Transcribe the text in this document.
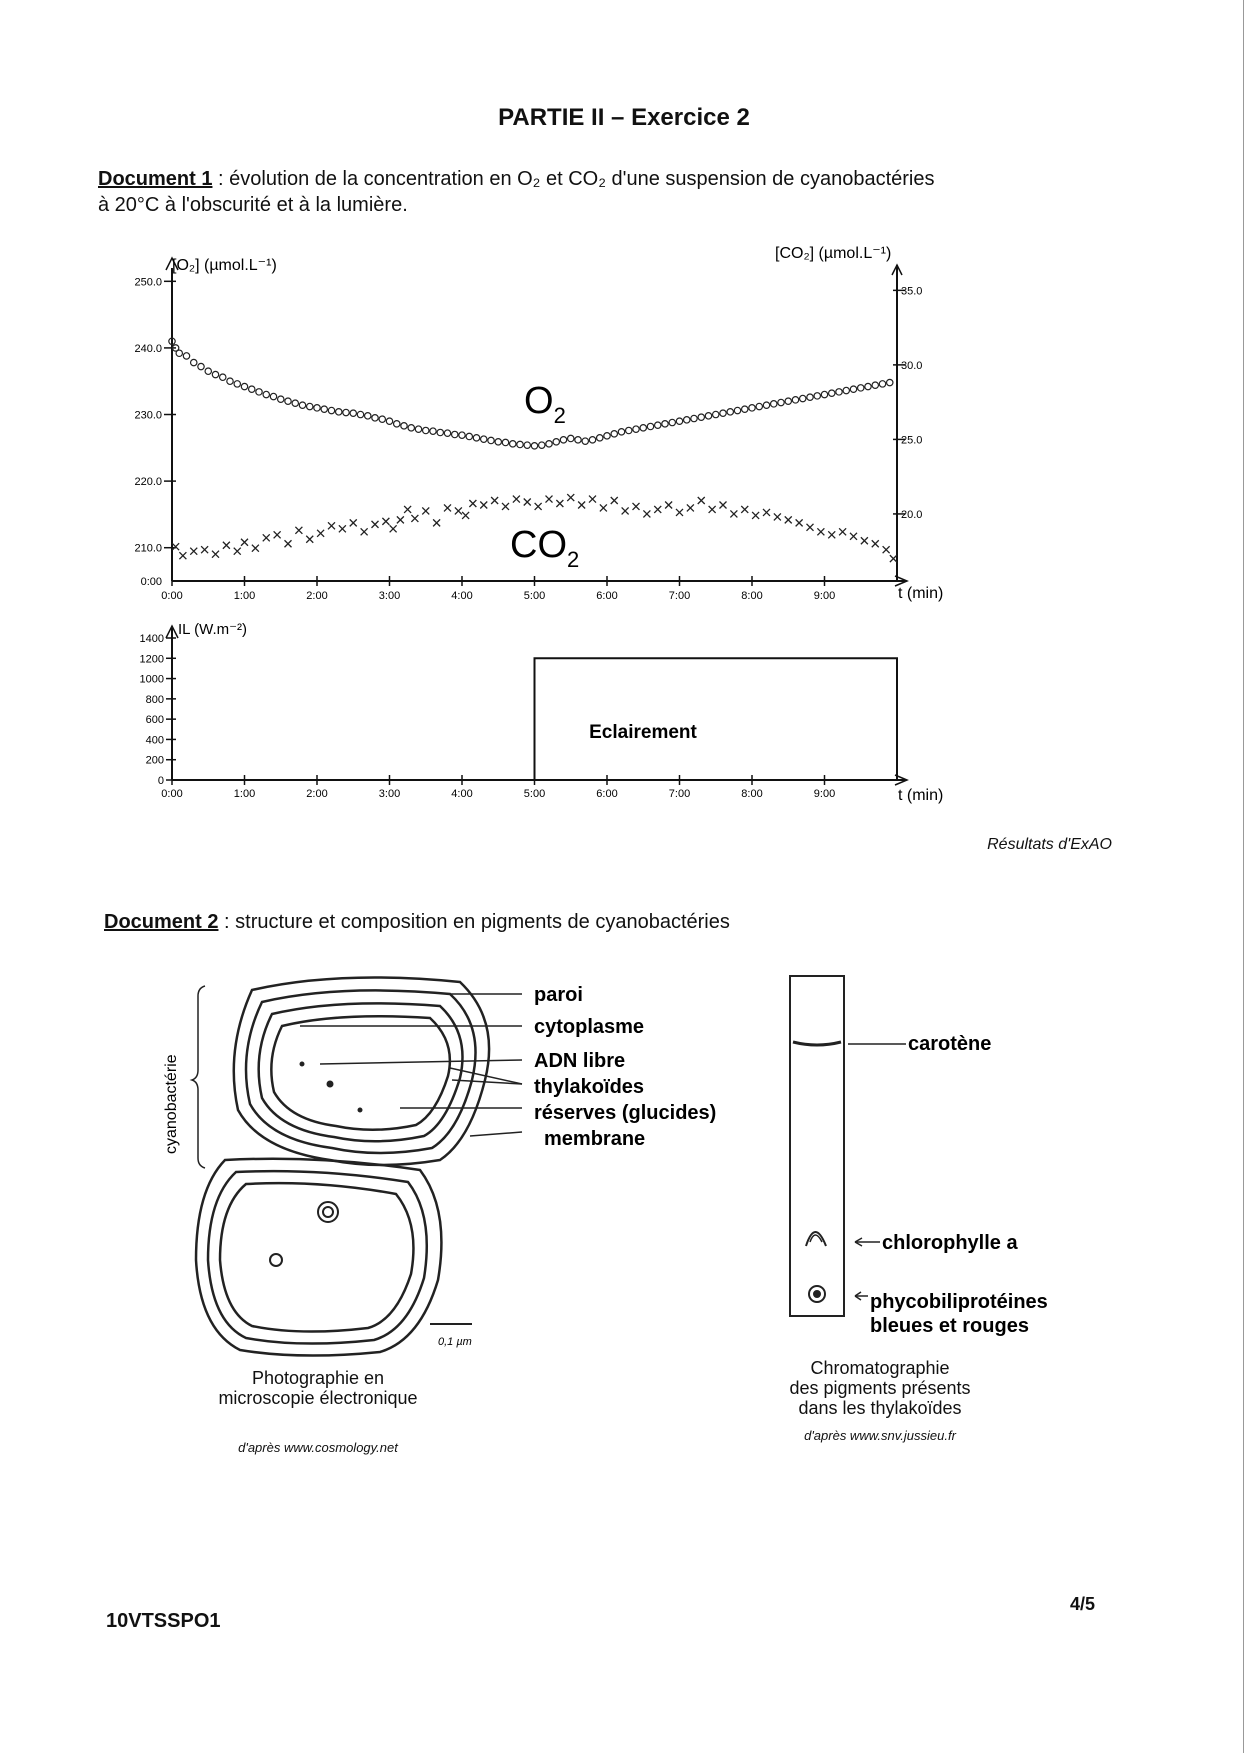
PARTIE II – Exercice 2
Document 1 : évolution de la concentration en O₂ et CO₂ d'une suspension de cyanobactéries
à 20°C à l'obscurité et à la lumière.
[O₂] (µmol.L⁻¹)
[CO₂] (µmol.L⁻¹)
t (min)
$O_2$
$CO_2$
0:00	1:00	2:00	3:00	4:00	5:00	6:00	7:00	8:00	9:00
210.0
220.0
230.0
240.0
250.0
0:00
20.0
25.0
30.0
35.0
IL (W.m⁻²)
t (min)
Eclairement
0:00	1:00	2:00	3:00	4:00	5:00	6:00	7:00	8:00	9:00
0
200
400
600
800
1000
1200
1400
Résultats d'ExAO
Document 2 : structure et composition en pigments de cyanobactéries
cyanobactérie
0,1 µm
paroi
cytoplasme
ADN libre
thylakoïdes
réserves (glucides)
membrane
carotène
chlorophylle a
phycobiliprotéines
bleues et rouges
Photographie en
microscopie électronique
d'après www.cosmology.net
Chromatographie
des pigments présents
dans les thylakoïdes
d'après www.snv.jussieu.fr
10VTSSPO1
4/5
